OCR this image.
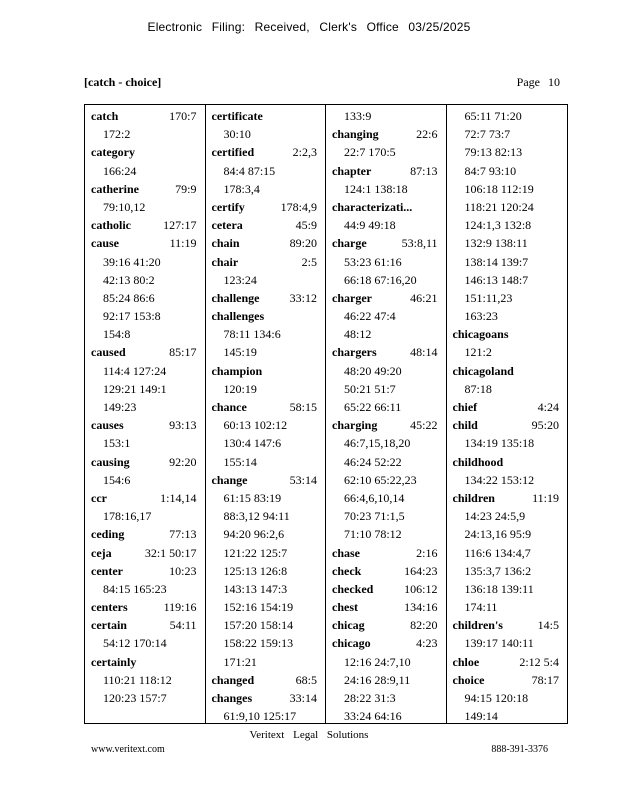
Electronic Filing: Received, Clerk's Office 03/25/2025
[catch - choice]	Page 10
catch	170:7
172:2
category
166:24
catherine	79:9
79:10,12
catholic	127:17
cause	11:19
39:16 41:20
42:13 80:2
85:24 86:6
92:17 153:8
154:8
caused	85:17
114:4 127:24
129:21 149:1
149:23
causes	93:13
153:1
causing	92:20
154:6
ccr	1:14,14
178:16,17
ceding	77:13
ceja	32:1 50:17
center	10:23
84:15 165:23
centers	119:16
certain	54:11
54:12 170:14
certainly
110:21 118:12
120:23 157:7
certificate
30:10
certified	2:2,3
84:4 87:15
178:3,4
certify	178:4,9
cetera	45:9
chain	89:20
chair	2:5
123:24
challenge	33:12
challenges
78:11 134:6
145:19
champion
120:19
chance	58:15
60:13 102:12
130:4 147:6
155:14
change	53:14
61:15 83:19
88:3,12 94:11
94:20 96:2,6
121:22 125:7
125:13 126:8
143:13 147:3
152:16 154:19
157:20 158:14
158:22 159:13
171:21
changed	68:5
changes	33:14
61:9,10 125:17
133:9
changing	22:6
22:7 170:5
chapter	87:13
124:1 138:18
characterizati...
44:9 49:18
charge	53:8,11
53:23 61:16
66:18 67:16,20
charger	46:21
46:22 47:4
48:12
chargers	48:14
48:20 49:20
50:21 51:7
65:22 66:11
charging	45:22
46:7,15,18,20
46:24 52:22
62:10 65:22,23
66:4,6,10,14
70:23 71:1,5
71:10 78:12
chase	2:16
check	164:23
checked	106:12
chest	134:16
chicag	82:20
chicago	4:23
12:16 24:7,10
24:16 28:9,11
28:22 31:3
33:24 64:16
65:11 71:20
72:7 73:7
79:13 82:13
84:7 93:10
106:18 112:19
118:21 120:24
124:1,3 132:8
132:9 138:11
138:14 139:7
146:13 148:7
151:11,23
163:23
chicagoans
121:2
chicagoland
87:18
chief	4:24
child	95:20
134:19 135:18
childhood
134:22 153:12
children	11:19
14:23 24:5,9
24:13,16 95:9
116:6 134:4,7
135:3,7 136:2
136:18 139:11
174:11
children's	14:5
139:17 140:11
chloe	2:12 5:4
choice	78:17
94:15 120:18
149:14
Veritext Legal Solutions
www.veritext.com	888-391-3376
